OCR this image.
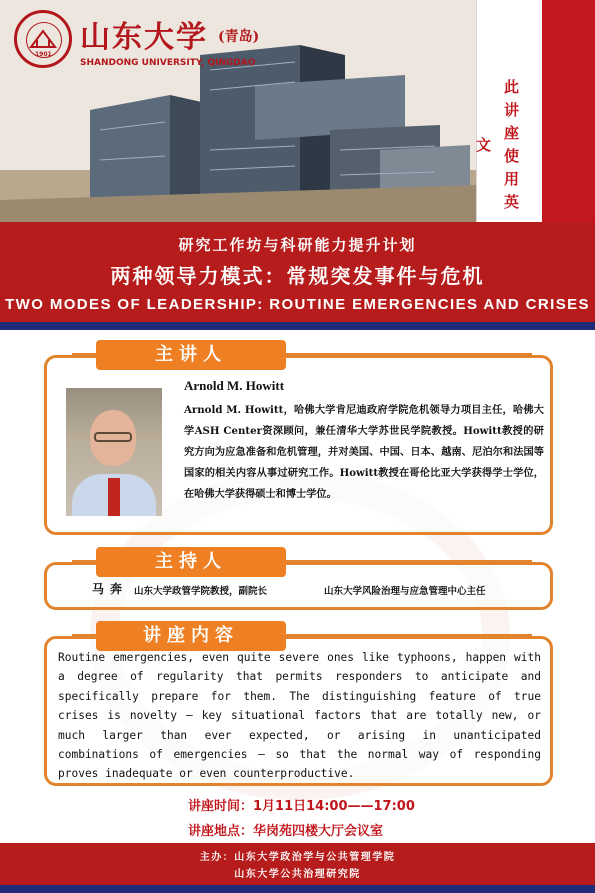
1901 山东大学 (青岛)
SHANDONG UNIVERSITY, QINGDAO
此讲座使用英文
研究工作坊与科研能力提升计划
两种领导力模式：常规突发事件与危机
TWO MODES OF LEADERSHIP: ROUTINE EMERGENCIES AND CRISES
主讲人
Arnold M. Howitt
Arnold M. Howitt，哈佛大学肯尼迪政府学院危机领导力项目主任，哈佛大学ASH Center资深顾问，兼任清华大学苏世民学院教授。Howitt教授的研究方向为应急准备和危机管理，并对美国、中国、日本、越南、尼泊尔和法国等国家的相关内容从事过研究工作。Howitt教授在哥伦比亚大学获得学士学位，在哈佛大学获得硕士和博士学位。
主持人
马奔 山东大学政管学院教授，副院长	山东大学风险治理与应急管理中心主任
讲座内容
Routine emergencies, even quite severe ones like typhoons, happen with a degree of regularity that permits responders to anticipate and specifically prepare for them. The distinguishing feature of true crises is novelty – key situational factors that are totally new, or much larger than ever expected, or arising in unanticipated combinations of emergencies – so that the normal way of responding proves inadequate or even counterproductive.
讲座时间：1月11日14:00——17:00
讲座地点：华岗苑四楼大厅会议室
主办：山东大学政治学与公共管理学院
山东大学公共治理研究院
